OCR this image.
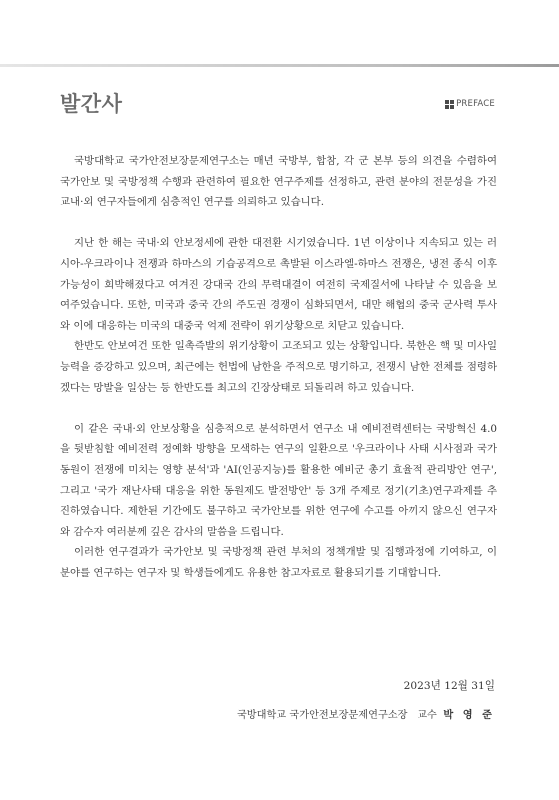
발간사	PREFACE

국방대학교 국가안전보장문제연구소는 매년 국방부, 합참, 각 군 본부 등의 의견을 수렴하여 국가안보 및 국방정책 수행과 관련하여 필요한 연구주제를 선정하고, 관련 분야의 전문성을 가진 교내·외 연구자들에게 심층적인 연구를 의뢰하고 있습니다.

지난 한 해는 국내·외 안보정세에 관한 대전환 시기였습니다. 1년 이상이나 지속되고 있는 러시아-우크라이나 전쟁과 하마스의 기습공격으로 촉발된 이스라엘-하마스 전쟁은, 냉전 종식 이후 가능성이 희박해졌다고 여겨진 강대국 간의 무력대결이 여전히 국제질서에 나타날 수 있음을 보여주었습니다. 또한, 미국과 중국 간의 주도권 경쟁이 심화되면서, 대만 해협의 중국 군사력 투사와 이에 대응하는 미국의 대중국 억제 전략이 위기상황으로 치닫고 있습니다.

한반도 안보여건 또한 일촉즉발의 위기상황이 고조되고 있는 상황입니다. 북한은 핵 및 미사일 능력을 증강하고 있으며, 최근에는 헌법에 남한을 주적으로 명기하고, 전쟁시 남한 전체를 점령하겠다는 망발을 일삼는 등 한반도를 최고의 긴장상태로 되돌리려 하고 있습니다.

이 같은 국내·외 안보상황을 심층적으로 분석하면서 연구소 내 예비전력센터는 국방혁신 4.0을 뒷받침할 예비전력 정예화 방향을 모색하는 연구의 일환으로 '우크라이나 사태 시사점과 국가동원이 전쟁에 미치는 영향 분석'과 'AI(인공지능)를 활용한 예비군 총기 효율적 관리방안 연구', 그리고 '국가 재난사태 대응을 위한 동원제도 발전방안' 등 3개 주제로 정기(기초)연구과제를 추진하였습니다. 제한된 기간에도 불구하고 국가안보를 위한 연구에 수고를 아끼지 않으신 연구자 와 감수자 여러분께 깊은 감사의 말씀을 드립니다.

이러한 연구결과가 국가안보 및 국방정책 관련 부처의 정책개발 및 집행과정에 기여하고, 이 분야를 연구하는 연구자 및 학생들에게도 유용한 참고자료로 활용되기를 기대합니다.

2023년 12월 31일
국방대학교 국가안전보장문제연구소장 교수 박 영 준
